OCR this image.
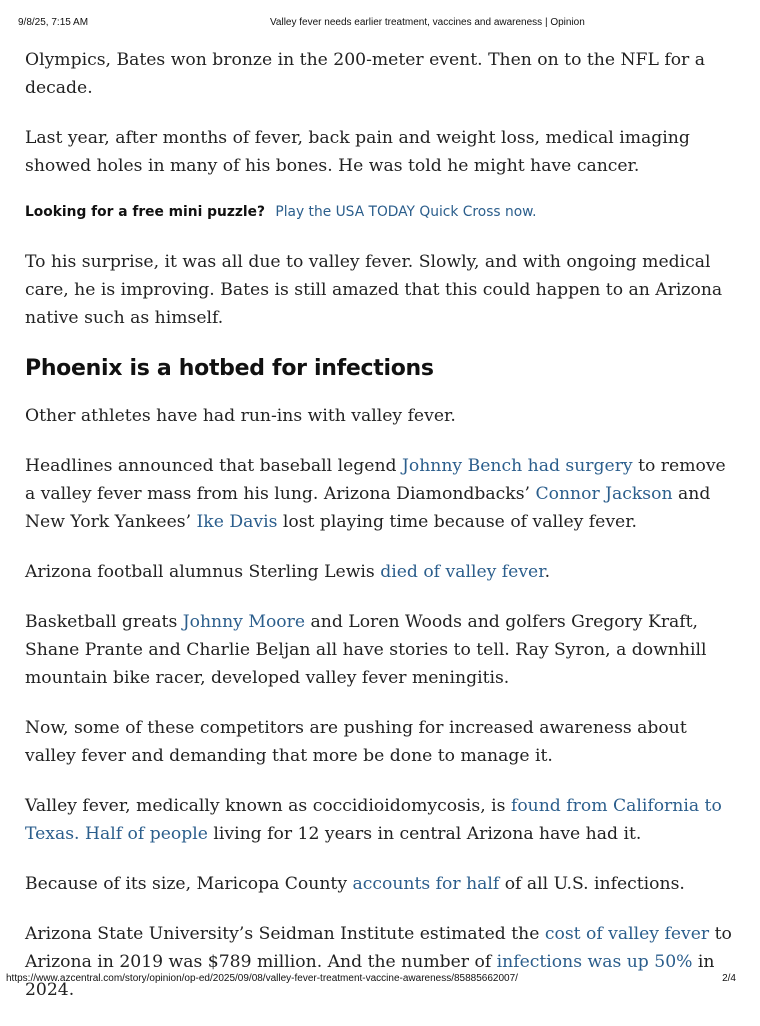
9/8/25, 7:15 AM	Valley fever needs earlier treatment, vaccines and awareness | Opinion

Olympics, Bates won bronze in the 200-meter event. Then on to the NFL for a decade.

Last year, after months of fever, back pain and weight loss, medical imaging showed holes in many of his bones. He was told he might have cancer.

Looking for a free mini puzzle? Play the USA TODAY Quick Cross now.

To his surprise, it was all due to valley fever. Slowly, and with ongoing medical care, he is improving. Bates is still amazed that this could happen to an Arizona native such as himself.

Phoenix is a hotbed for infections

Other athletes have had run-ins with valley fever.

Headlines announced that baseball legend Johnny Bench had surgery to remove a valley fever mass from his lung. Arizona Diamondbacks’ Connor Jackson and New York Yankees’ Ike Davis lost playing time because of valley fever.

Arizona football alumnus Sterling Lewis died of valley fever.

Basketball greats Johnny Moore and Loren Woods and golfers Gregory Kraft, Shane Prante and Charlie Beljan all have stories to tell. Ray Syron, a downhill mountain bike racer, developed valley fever meningitis.

Now, some of these competitors are pushing for increased awareness about valley fever and demanding that more be done to manage it.

Valley fever, medically known as coccidioidomycosis, is found from California to Texas. Half of people living for 12 years in central Arizona have had it.

Because of its size, Maricopa County accounts for half of all U.S. infections.

Arizona State University’s Seidman Institute estimated the cost of valley fever to Arizona in 2019 was $789 million. And the number of infections was up 50% in 2024.

https://www.azcentral.com/story/opinion/op-ed/2025/09/08/valley-fever-treatment-vaccine-awareness/85885662007/	2/4
